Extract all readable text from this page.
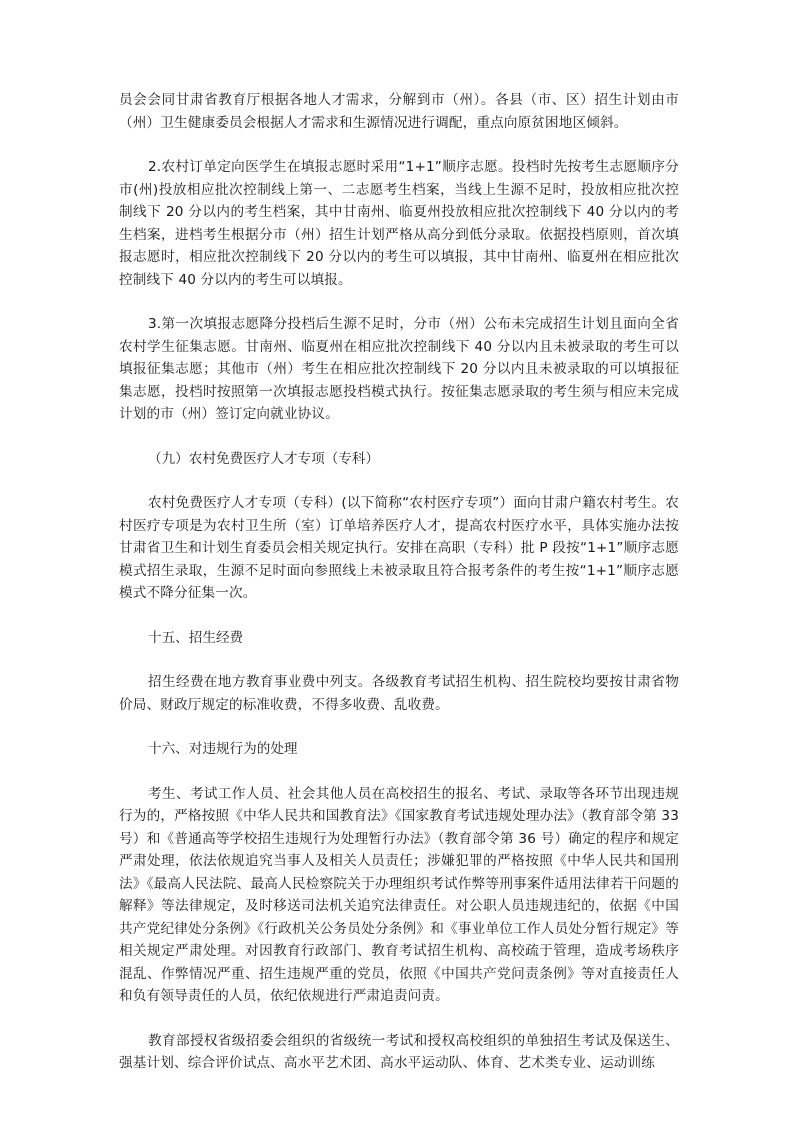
员会会同甘肃省教育厅根据各地人才需求，分解到市（州）。各县（市、区）招生计划由市（州）卫生健康委员会根据人才需求和生源情况进行调配，重点向原贫困地区倾斜。

2.农村订单定向医学生在填报志愿时采用“1+1”顺序志愿。投档时先按考生志愿顺序分市(州)投放相应批次控制线上第一、二志愿考生档案，当线上生源不足时，投放相应批次控制线下 20 分以内的考生档案，其中甘南州、临夏州投放相应批次控制线下 40 分以内的考生档案，进档考生根据分市（州）招生计划严格从高分到低分录取。依据投档原则，首次填报志愿时，相应批次控制线下 20 分以内的考生可以填报，其中甘南州、临夏州在相应批次控制线下 40 分以内的考生可以填报。

3.第一次填报志愿降分投档后生源不足时，分市（州）公布未完成招生计划且面向全省农村学生征集志愿。甘南州、临夏州在相应批次控制线下 40 分以内且未被录取的考生可以填报征集志愿；其他市（州）考生在相应批次控制线下 20 分以内且未被录取的可以填报征集志愿，投档时按照第一次填报志愿投档模式执行。按征集志愿录取的考生须与相应未完成计划的市（州）签订定向就业协议。

（九）农村免费医疗人才专项（专科）

农村免费医疗人才专项（专科）(以下简称“农村医疗专项”）面向甘肃户籍农村考生。农村医疗专项是为农村卫生所（室）订单培养医疗人才，提高农村医疗水平，具体实施办法按甘肃省卫生和计划生育委员会相关规定执行。安排在高职（专科）批 P 段按“1+1”顺序志愿模式招生录取，生源不足时面向参照线上未被录取且符合报考条件的考生按“1+1”顺序志愿模式不降分征集一次。

十五、招生经费

招生经费在地方教育事业费中列支。各级教育考试招生机构、招生院校均要按甘肃省物价局、财政厅规定的标准收费，不得多收费、乱收费。

十六、对违规行为的处理

考生、考试工作人员、社会其他人员在高校招生的报名、考试、录取等各环节出现违规行为的，严格按照《中华人民共和国教育法》《国家教育考试违规处理办法》（教育部令第 33 号）和《普通高等学校招生违规行为处理暂行办法》（教育部令第 36 号）确定的程序和规定严肃处理，依法依规追究当事人及相关人员责任；涉嫌犯罪的严格按照《中华人民共和国刑法》《最高人民法院、最高人民检察院关于办理组织考试作弊等刑事案件适用法律若干问题的解释》等法律规定，及时移送司法机关追究法律责任。对公职人员违规违纪的，依据《中国共产党纪律处分条例》《行政机关公务员处分条例》和《事业单位工作人员处分暂行规定》等相关规定严肃处理。对因教育行政部门、教育考试招生机构、高校疏于管理，造成考场秩序混乱、作弊情况严重、招生违规严重的党员，依照《中国共产党问责条例》等对直接责任人和负有领导责任的人员，依纪依规进行严肃追责问责。

教育部授权省级招委会组织的省级统一考试和授权高校组织的单独招生考试及保送生、强基计划、综合评价试点、高水平艺术团、高水平运动队、体育、艺术类专业、运动训练
